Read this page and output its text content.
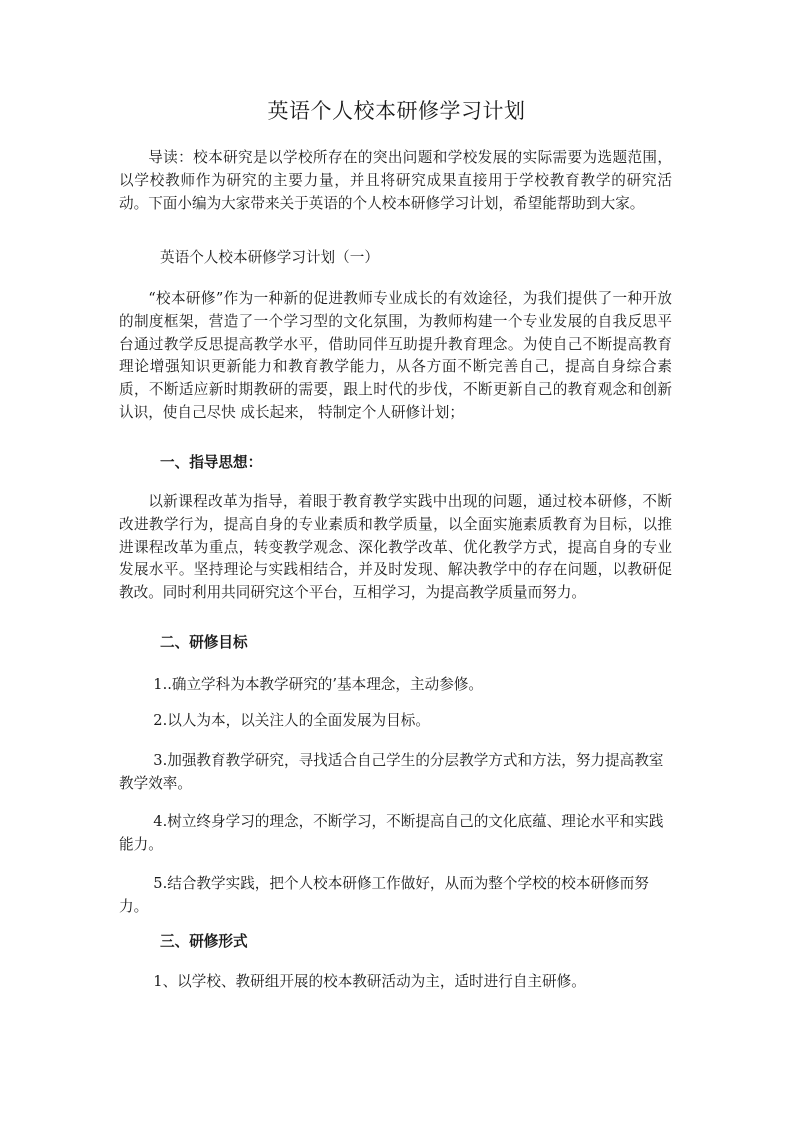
英语个人校本研修学习计划

导读：校本研究是以学校所存在的突出问题和学校发展的实际需要为选题范围，以学校教师作为研究的主要力量，并且将研究成果直接用于学校教育教学的研究活动。下面小编为大家带来关于英语的个人校本研修学习计划，希望能帮助到大家。

英语个人校本研修学习计划（一）

“校本研修”作为一种新的促进教师专业成长的有效途径，为我们提供了一种开放的制度框架，营造了一个学习型的文化氛围，为教师构建一个专业发展的自我反思平台通过教学反思提高教学水平，借助同伴互助提升教育理念。为使自己不断提高教育理论增强知识更新能力和教育教学能力，从各方面不断完善自己，提高自身综合素质，不断适应新时期教研的需要，跟上时代的步伐，不断更新自己的教育观念和创新认识，使自己尽快 成长起来， 特制定个人研修计划；

一、指导思想：

以新课程改革为指导，着眼于教育教学实践中出现的问题，通过校本研修，不断改进教学行为，提高自身的专业素质和教学质量，以全面实施素质教育为目标，以推进课程改革为重点，转变教学观念、深化教学改革、优化教学方式，提高自身的专业发展水平。坚持理论与实践相结合，并及时发现、解决教学中的存在问题，以教研促教改。同时利用共同研究这个平台，互相学习，为提高教学质量而努力。

二、研修目标

1..确立学科为本教学研究的’基本理念，主动参修。

2.以人为本，以关注人的全面发展为目标。

3.加强教育教学研究，寻找适合自己学生的分层教学方式和方法，努力提高教室教学效率。

4.树立终身学习的理念，不断学习，不断提高自己的文化底蕴、理论水平和实践能力。

5.结合教学实践，把个人校本研修工作做好，从而为整个学校的校本研修而努力。

三、研修形式

1、以学校、教研组开展的校本教研活动为主，适时进行自主研修。
